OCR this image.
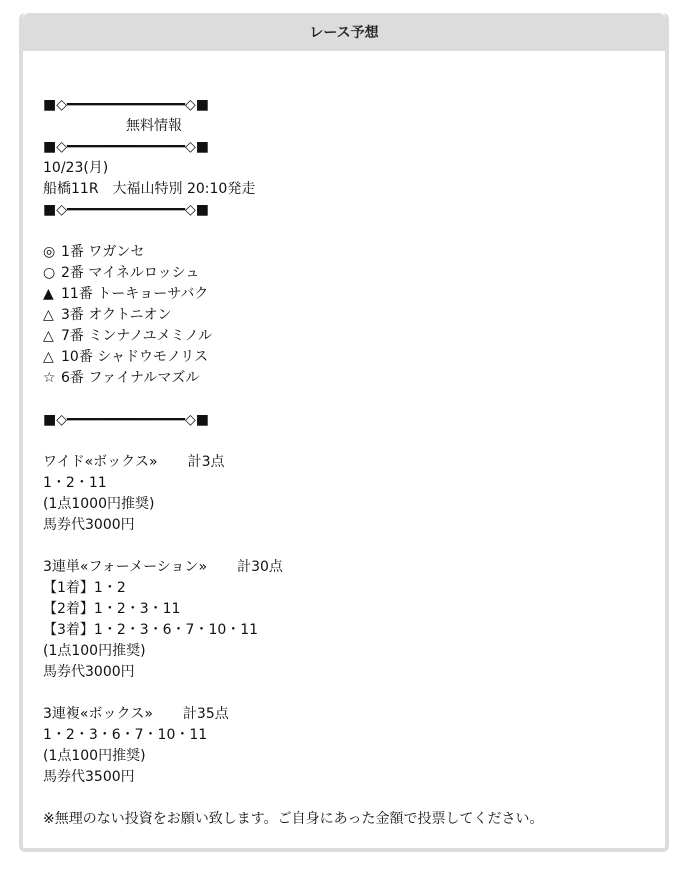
レース予想
■◇━━━━━━━━━━━━━━◇■
無料情報
■◇━━━━━━━━━━━━━━◇■
10/23(月)
船橋11R　大福山特別 20:10発走
■◇━━━━━━━━━━━━━━◇■
◎ 1番 ワガンセ
○ 2番 マイネルロッシュ
▲ 11番 トーキョーサバク
△ 3番 オクトニオン
△ 7番 ミンナノユメミノル
△ 10番 シャドウモノリス
☆ 6番 ファイナルマズル
■◇━━━━━━━━━━━━━━◇■
ワイド«ボックス» 計3点
1・2・11
(1点1000円推奨)
馬券代3000円
3連単«フォーメーション» 計30点
【1着】1・2
【2着】1・2・3・11
【3着】1・2・3・6・7・10・11
(1点100円推奨)
馬券代3000円
3連複«ボックス» 計35点
1・2・3・6・7・10・11
(1点100円推奨)
馬券代3500円
※無理のない投資をお願い致します。ご自身にあった金額で投票してください。
